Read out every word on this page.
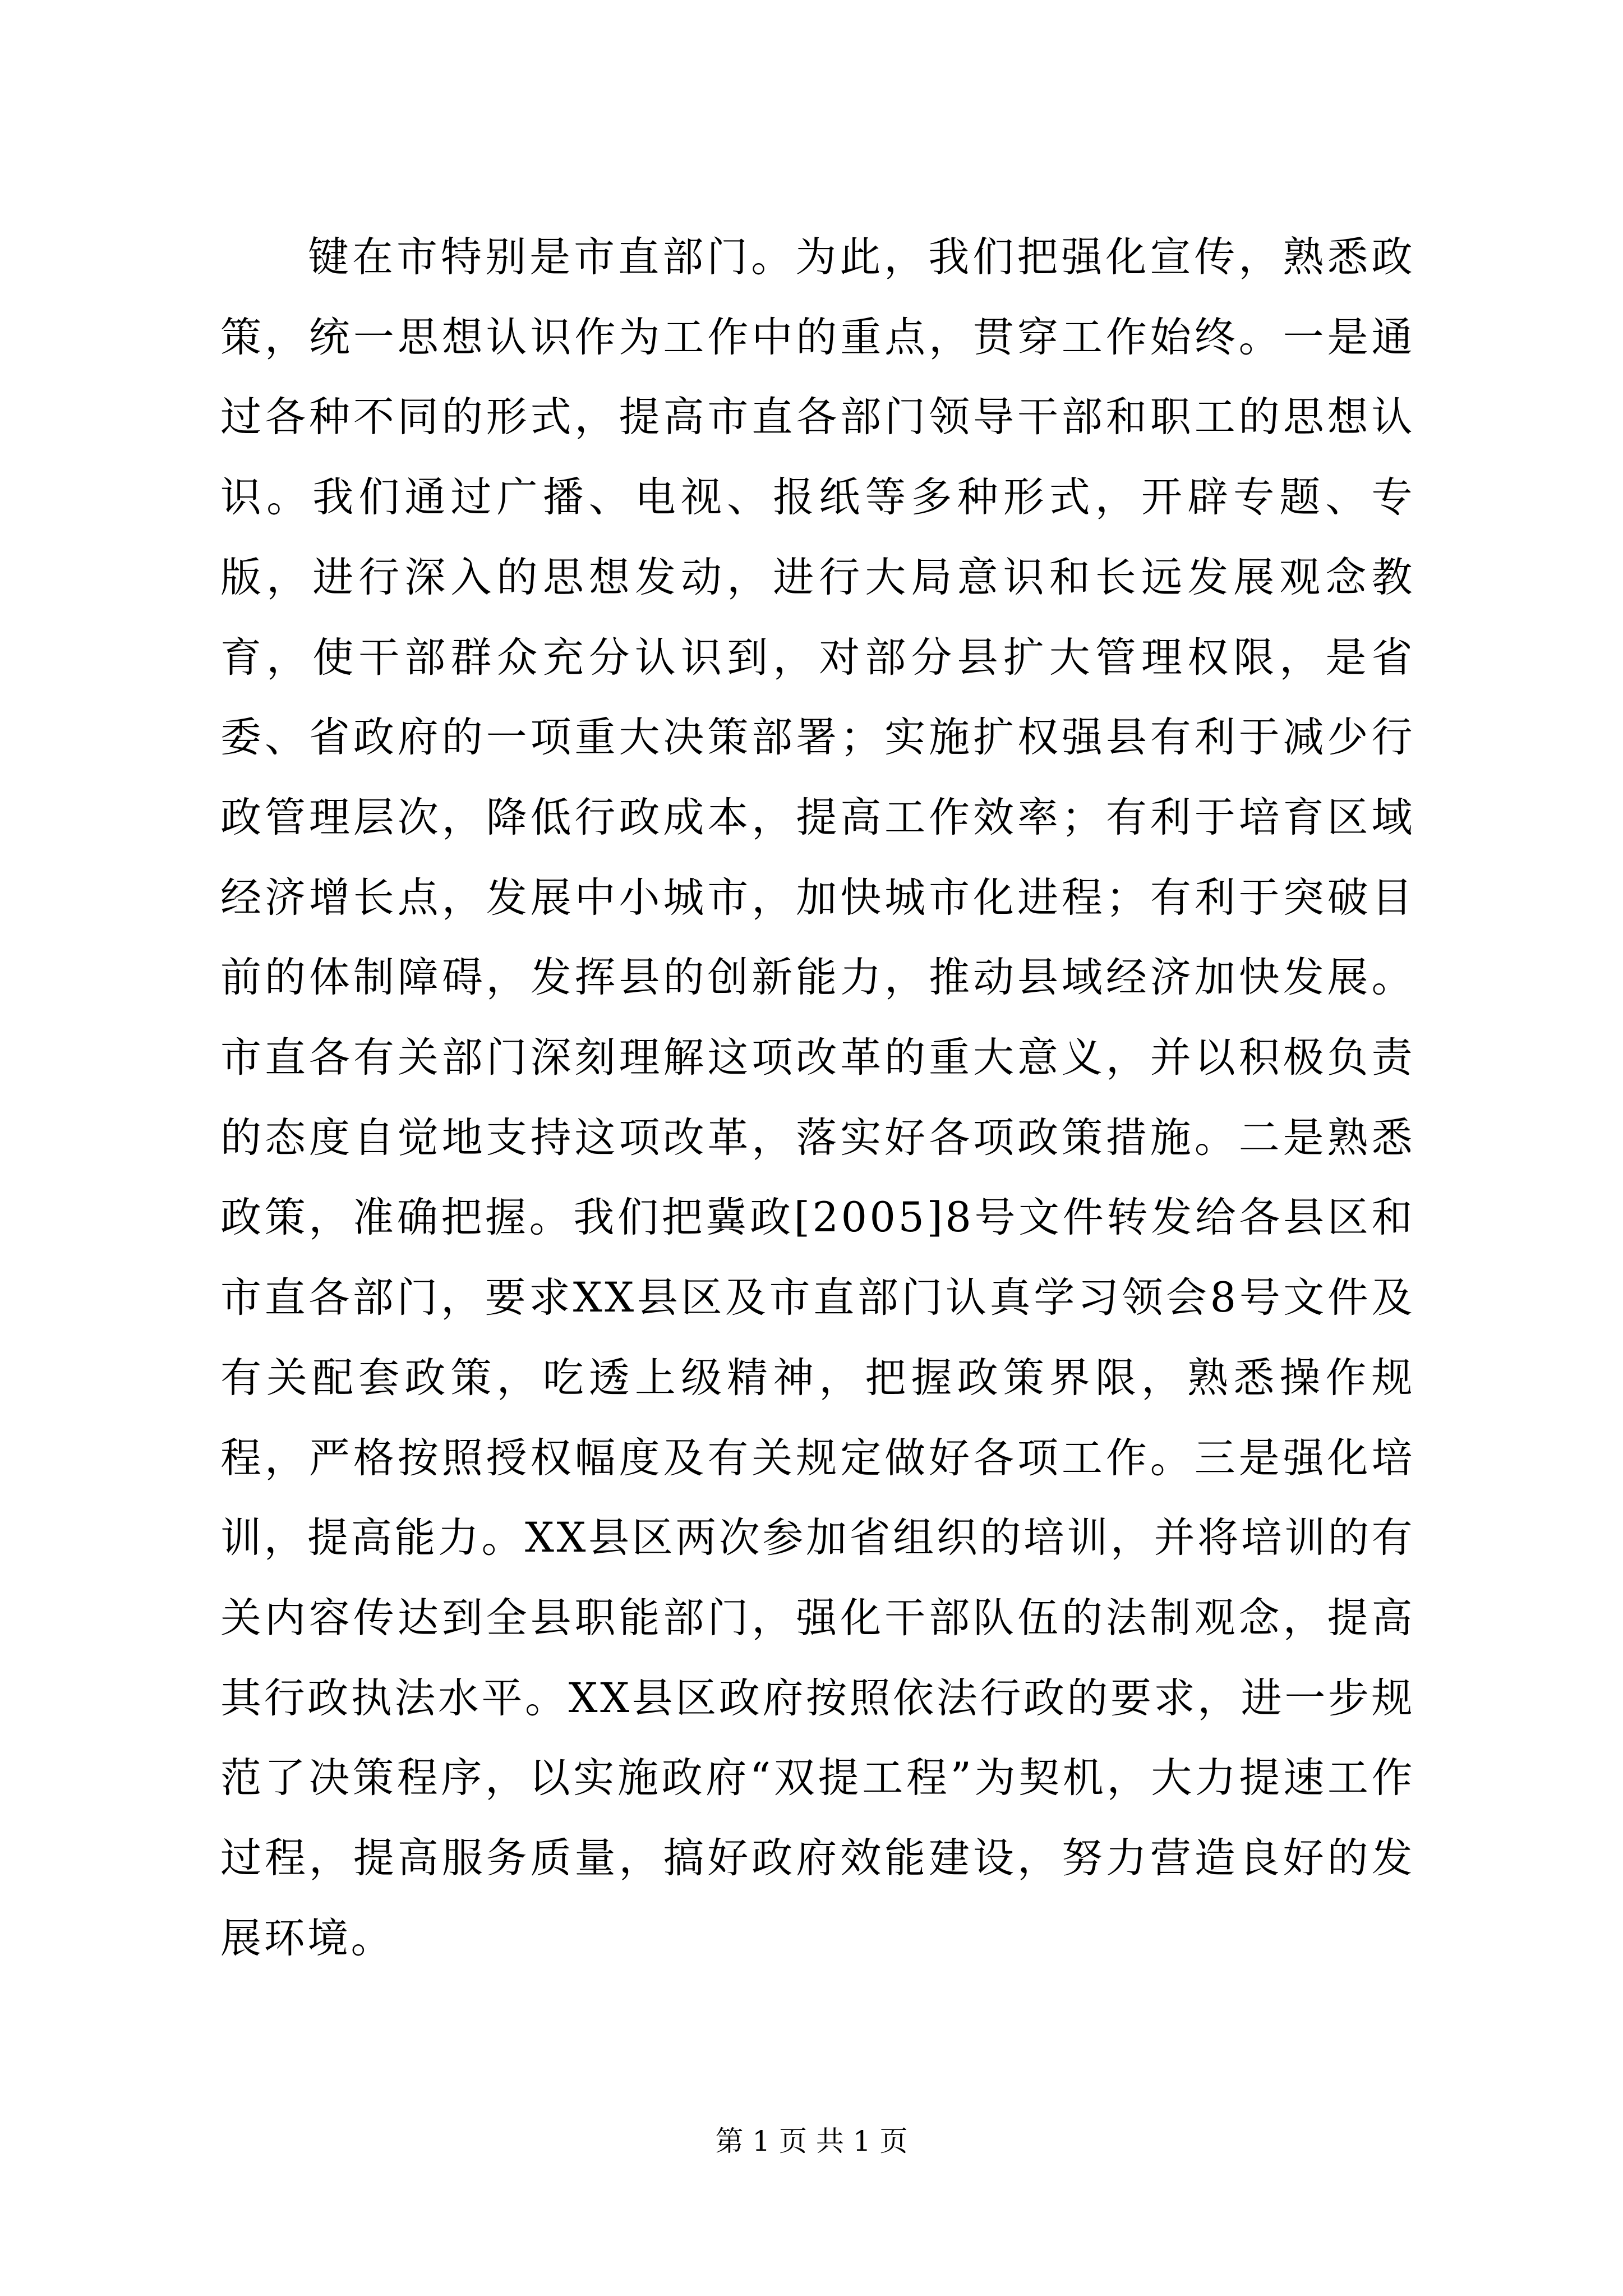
键在市特别是市直部门。为此，我们把强化宣传，熟悉政策，统一思想认识作为工作中的重点，贯穿工作始终。一是通过各种不同的形式，提高市直各部门领导干部和职工的思想认识。我们通过广播、电视、报纸等多种形式，开辟专题、专版，进行深入的思想发动，进行大局意识和长远发展观念教育，使干部群众充分认识到，对部分县扩大管理权限，是省委、省政府的一项重大决策部署；实施扩权强县有利于减少行政管理层次，降低行政成本，提高工作效率；有利于培育区域经济增长点，发展中小城市，加快城市化进程；有利于突破目前的体制障碍，发挥县的创新能力，推动县域经济加快发展。市直各有关部门深刻理解这项改革的重大意义，并以积极负责的态度自觉地支持这项改革，落实好各项政策措施。二是熟悉政策，准确把握。我们把冀政[2005]8号文件转发给各县区和市直各部门，要求XX县区及市直部门认真学习领会8号文件及有关配套政策，吃透上级精神，把握政策界限，熟悉操作规程，严格按照授权幅度及有关规定做好各项工作。三是强化培训，提高能力。XX县区两次参加省组织的培训，并将培训的有关内容传达到全县职能部门，强化干部队伍的法制观念，提高其行政执法水平。XX县区政府按照依法行政的要求，进一步规范了决策程序，以实施政府“双提工程”为契机，大力提速工作过程，提高服务质量，搞好政府效能建设，努力营造良好的发展环境。

第 1 页 共 1 页
